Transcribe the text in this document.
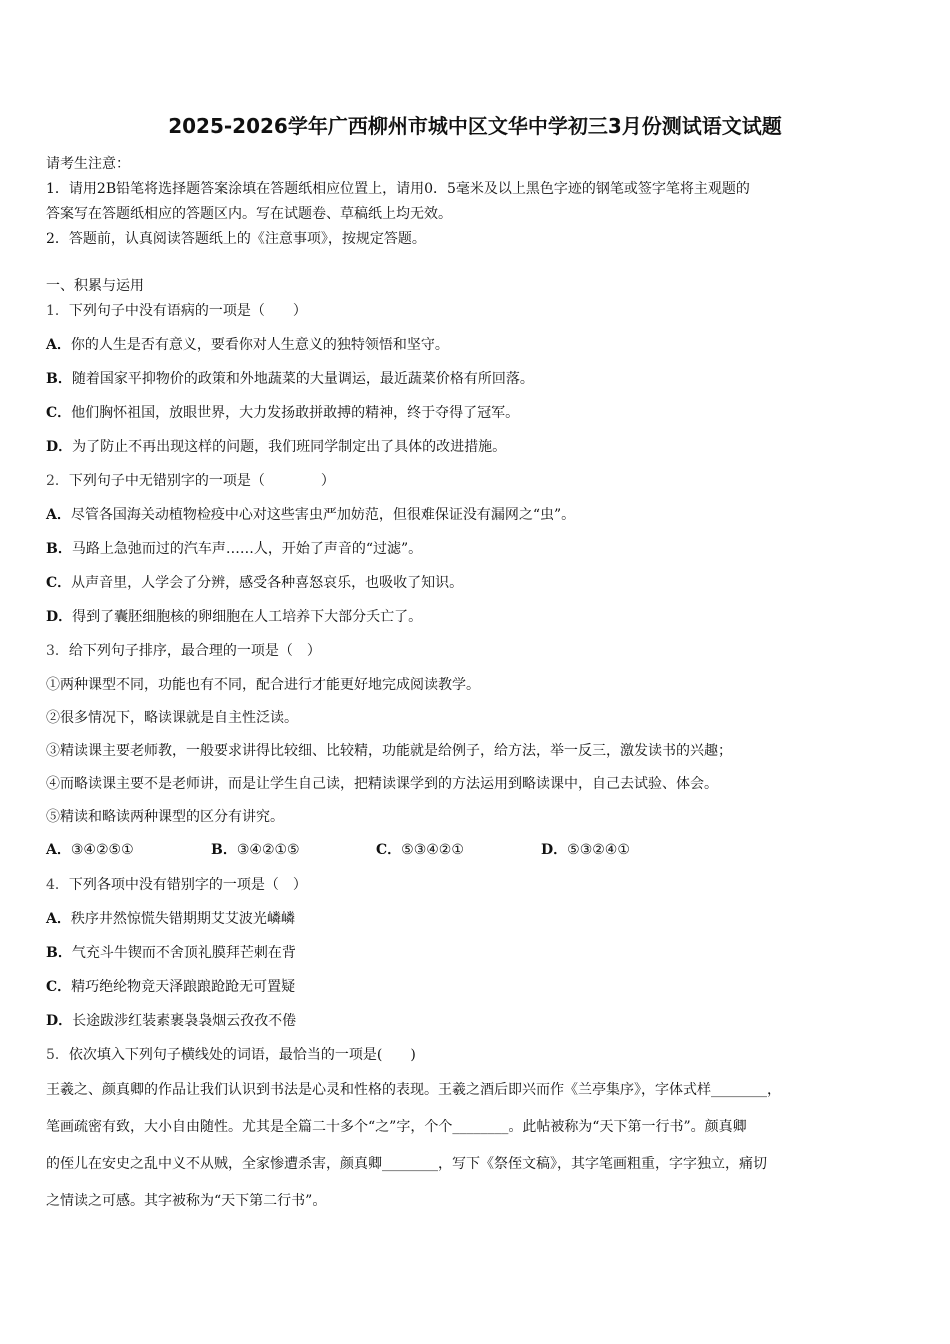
2025-2026学年广西柳州市城中区文华中学初三3月份测试语文试题
请考生注意：
1．请用2B铅笔将选择题答案涂填在答题纸相应位置上，请用0．5毫米及以上黑色字迹的钢笔或签字笔将主观题的
答案写在答题纸相应的答题区内。写在试题卷、草稿纸上均无效。
2．答题前，认真阅读答题纸上的《注意事项》，按规定答题。
一、积累与运用
1．下列句子中没有语病的一项是（　　）
A．你的人生是否有意义，要看你对人生意义的独特领悟和坚守。
B．随着国家平抑物价的政策和外地蔬菜的大量调运，最近蔬菜价格有所回落。
C．他们胸怀祖国，放眼世界，大力发扬敢拼敢搏的精神，终于夺得了冠军。
D．为了防止不再出现这样的问题，我们班同学制定出了具体的改进措施。
2．下列句子中无错别字的一项是（　　　　）
A．尽管各国海关动植物检疫中心对这些害虫严加妨范，但很难保证没有漏网之“虫”。
B．马路上急弛而过的汽车声……人，开始了声音的“过滤”。
C．从声音里，人学会了分辨，感受各种喜怒哀乐，也吸收了知识。
D．得到了囊胚细胞核的卵细胞在人工培养下大部分夭亡了。
3．给下列句子排序，最合理的一项是（　）
①两种课型不同，功能也有不同，配合进行才能更好地完成阅读教学。
②很多情况下，略读课就是自主性泛读。
③精读课主要老师教，一般要求讲得比较细、比较精，功能就是给例子，给方法，举一反三，激发读书的兴趣；
④而略读课主要不是老师讲，而是让学生自己读，把精读课学到的方法运用到略读课中，自己去试验、体会。
⑤精读和略读两种课型的区分有讲究。
A．③④②⑤①	B．③④②①⑤	C．⑤③④②①	D．⑤③②④①
4．下列各项中没有错别字的一项是（　）
A．秩序井然惊慌失错期期艾艾波光嶙嶙
B．气充斗牛锲而不舍顶礼膜拜芒刺在背
C．精巧绝纶物竞天泽踉踉跄跄无可置疑
D．长途跋涉红装素裹袅袅烟云孜孜不倦
5．依次填入下列句子横线处的词语，最恰当的一项是(　　)
王羲之、颜真卿的作品让我们认识到书法是心灵和性格的表现。王羲之酒后即兴而作《兰亭集序》，字体式样________，
笔画疏密有致，大小自由随性。尤其是全篇二十多个“之”字，个个________。此帖被称为“天下第一行书”。颜真卿
的侄儿在安史之乱中义不从贼，全家惨遭杀害，颜真卿________，写下《祭侄文稿》，其字笔画粗重，字字独立，痛切
之情读之可感。其字被称为“天下第二行书”。
